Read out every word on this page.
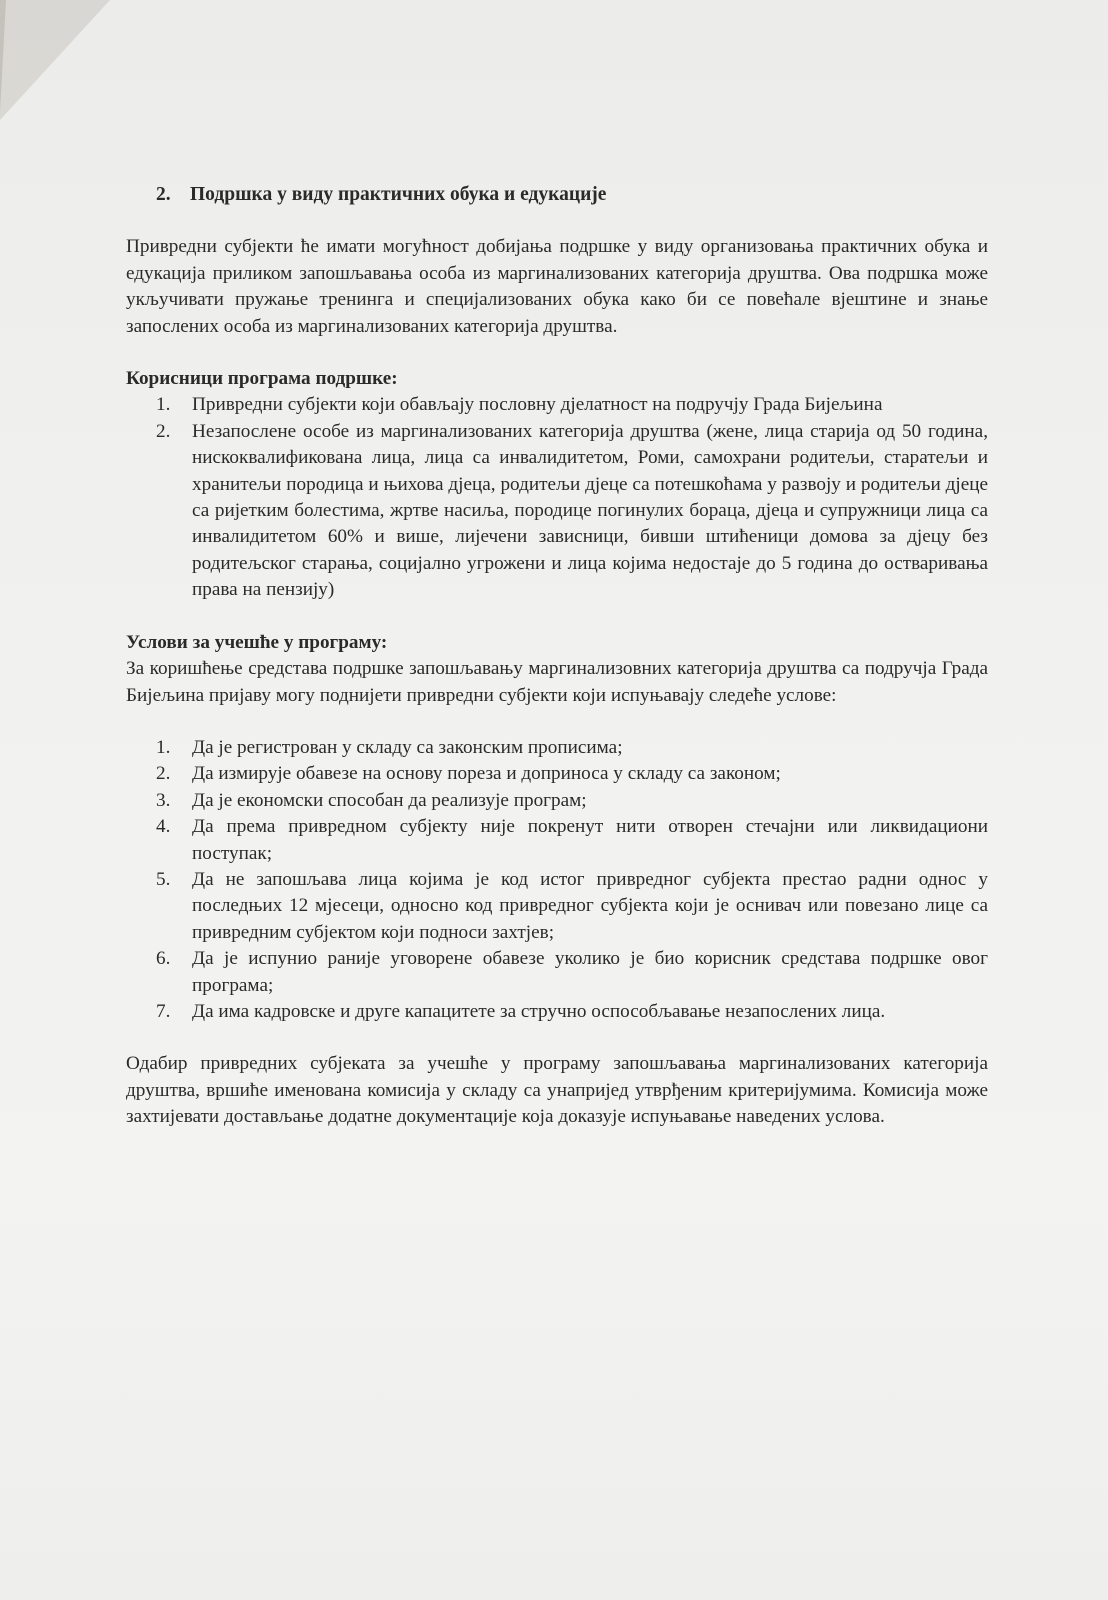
2. Подршка у виду практичних обука и едукације

Привредни субјекти ће имати могућност добијања подршке у виду организовања практичних обука и едукација приликом запошљавања особа из маргинализованих категорија друштва. Ова подршка може укључивати пружање тренинга и специјализованих обука како би се повећале вјештине и знање запослених особа из маргинализованих категорија друштва.

Корисници програма подршке:

1. Привредни субјекти који обављају пословну дјелатност на подручју Града Бијељина
2. Незапослене особе из маргинализованих категорија друштва (жене, лица старија од 50 година, нискоквалификована лица, лица са инвалидитетом, Роми, самохрани родитељи, старатељи и хранитељи породица и њихова дјеца, родитељи дјеце са потешкоћама у развоју и родитељи дјеце са ријетким болестима, жртве насиља, породице погинулих бораца, дјеца и супружници лица са инвалидитетом 60% и више, лијечени зависници, бивши штићеници домова за дјецу без родитељског старања, социјално угрожени и лица којима недостаје до 5 година до остваривања права на пензију)

Услови за учешће у програму:

За коришћење средстава подршке запошљавању маргинализовних категорија друштва са подручја Града Бијељина пријаву могу поднијети привредни субјекти који испуњавају следеће услове:

1. Да је регистрован у складу са законским прописима;
2. Да измирује обавезе на основу пореза и доприноса у складу са законом;
3. Да је економски способан да реализује програм;
4. Да према привредном субјекту није покренут нити отворен стечајни или ликвидациони поступак;
5. Да не запошљава лица којима је код истог привредног субјекта престао радни однос у последњих 12 мјесеци, односно код привредног субјекта који је оснивач или повезано лице са привредним субјектом који подноси захтјев;
6. Да је испунио раније уговорене обавезе уколико је био корисник средстава подршке овог програма;
7. Да има кадровске и друге капацитете за стручно оспособљавање незапослених лица.

Одабир привредних субјеката за учешће у програму запошљавања маргинализованих категорија друштва, вршиће именована комисија у складу са унапријед утврђеним критеријумима. Комисија може захтијевати достављање додатне документације која доказује испуњавање наведених услова.
